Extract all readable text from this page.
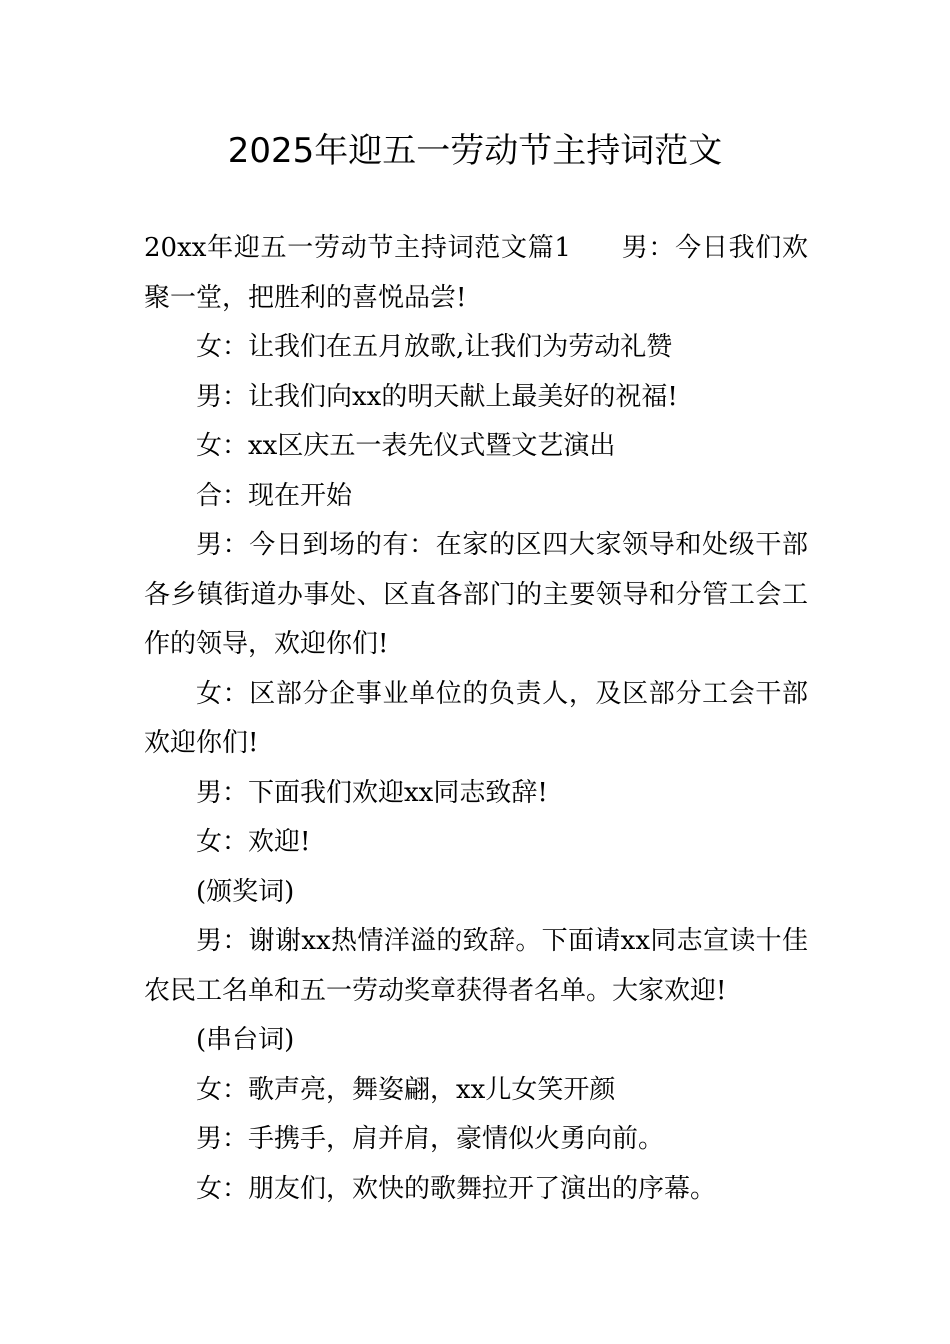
2025年迎五一劳动节主持词范文

20xx年迎五一劳动节主持词范文篇1 男：今日我们欢聚一堂，把胜利的喜悦品尝!

女：让我们在五月放歌,让我们为劳动礼赞

男：让我们向xx的明天献上最美好的祝福!

女：xx区庆五一表先仪式暨文艺演出

合：现在开始

男：今日到场的有：在家的区四大家领导和处级干部各乡镇街道办事处、区直各部门的主要领导和分管工会工作的领导，欢迎你们!

女：区部分企事业单位的负责人，及区部分工会干部欢迎你们!

男：下面我们欢迎xx同志致辞!

女：欢迎!

(颁奖词)

男：谢谢xx热情洋溢的致辞。下面请xx同志宣读十佳农民工名单和五一劳动奖章获得者名单。大家欢迎!

(串台词)

女：歌声亮，舞姿翩，xx儿女笑开颜

男：手携手，肩并肩，豪情似火勇向前。

女：朋友们，欢快的歌舞拉开了演出的序幕。
